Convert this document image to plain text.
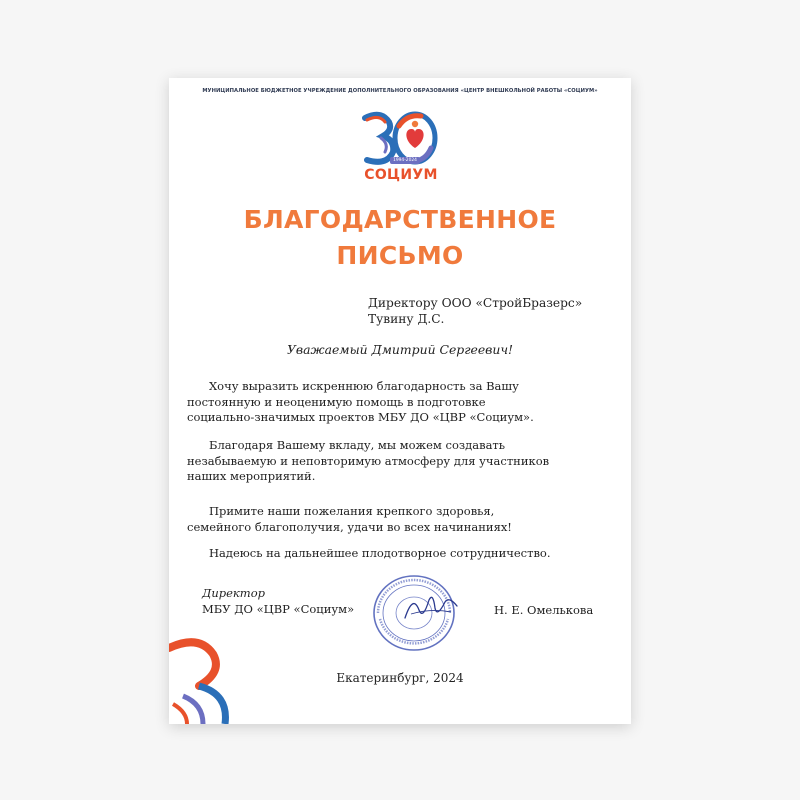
МУНИЦИПАЛЬНОЕ БЮДЖЕТНОЕ УЧРЕЖДЕНИЕ ДОПОЛНИТЕЛЬНОГО ОБРАЗОВАНИЯ «ЦЕНТР ВНЕШКОЛЬНОЙ РАБОТЫ «СОЦИУМ»
1994-2024
СОЦИУМ
БЛАГОДАРСТВЕННОЕ
ПИСЬМО
Директору ООО «СтройБразерс»
Тувину Д.С.
Уважаемый Дмитрий Сергеевич!
Хочу выразить искреннюю благодарность за Вашу
постоянную и неоценимую помощь в подготовке
социально-значимых проектов МБУ ДО «ЦВР «Социум».
Благодаря Вашему вкладу, мы можем создавать
незабываемую и неповторимую атмосферу для участников
наших мероприятий.
Примите наши пожелания крепкого здоровья,
семейного благополучия, удачи во всех начинаниях!
Надеюсь на дальнейшее плодотворное сотрудничество.
Директор
МБУ ДО «ЦВР «Социум»	Н. Е. Омелькова
Екатеринбург, 2024
